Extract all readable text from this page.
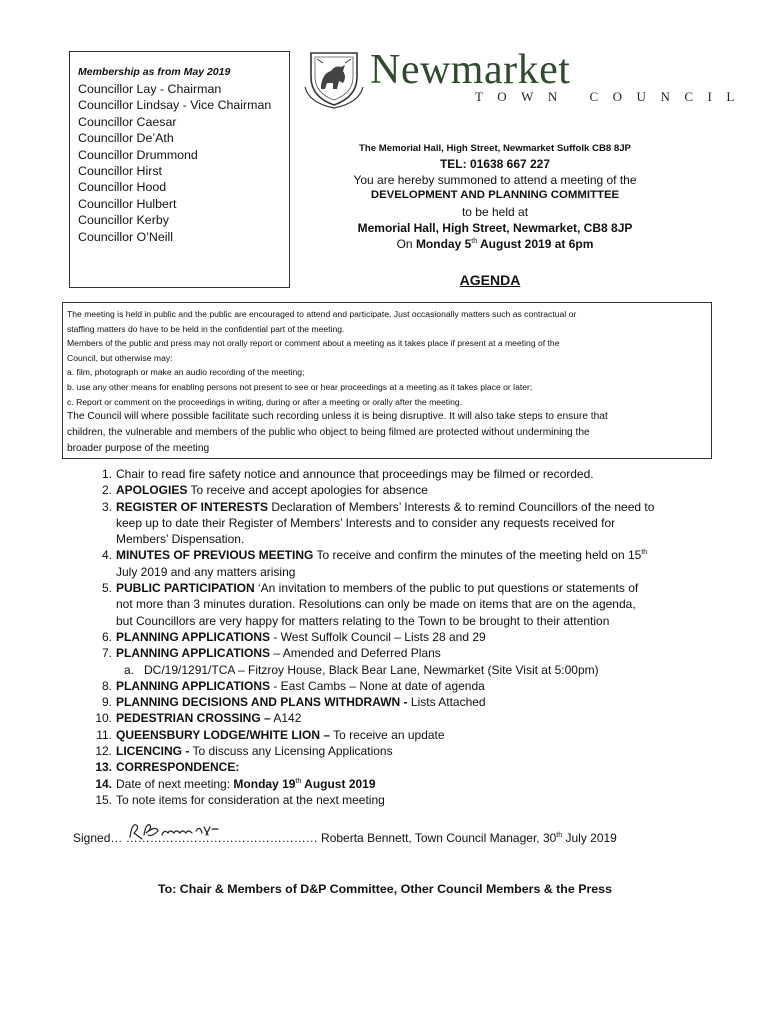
Membership as from May 2019
Councillor Lay - Chairman
Councillor Lindsay - Vice Chairman
Councillor Caesar
Councillor De’Ath
Councillor Drummond
Councillor Hirst
Councillor Hood
Councillor Hulbert
Councillor Kerby
Councillor O’Neill
Newmarket
TOWN COUNCIL
The Memorial Hall, High Street, Newmarket Suffolk CB8 8JP
TEL: 01638 667 227
You are hereby summoned to attend a meeting of the
DEVELOPMENT AND PLANNING COMMITTEE
to be held at
Memorial Hall, High Street, Newmarket, CB8 8JP
On Monday 5th August 2019 at 6pm
AGENDA
The meeting is held in public and the public are encouraged to attend and participate. Just occasionally matters such as contractual or
staffing matters do have to be held in the confidential part of the meeting.
Members of the public and press may not orally report or comment about a meeting as it takes place if present at a meeting of the
Council, but otherwise may:
a. film, photograph or make an audio recording of the meeting;
b. use any other means for enabling persons not present to see or hear proceedings at a meeting as it takes place or later;
c. Report or comment on the proceedings in writing, during or after a meeting or orally after the meeting.
The Council will where possible facilitate such recording unless it is being disruptive. It will also take steps to ensure that
children, the vulnerable and members of the public who object to being filmed are protected without undermining the
broader purpose of the meeting
1. Chair to read fire safety notice and announce that proceedings may be filmed or recorded.
2. APOLOGIES To receive and accept apologies for absence
3. REGISTER OF INTERESTS Declaration of Members’ Interests & to remind Councillors of the need to
keep up to date their Register of Members’ Interests and to consider any requests received for
Members’ Dispensation.
4. MINUTES OF PREVIOUS MEETING To receive and confirm the minutes of the meeting held on 15th
July 2019 and any matters arising
5. PUBLIC PARTICIPATION ‘An invitation to members of the public to put questions or statements of
not more than 3 minutes duration. Resolutions can only be made on items that are on the agenda,
but Councillors are very happy for matters relating to the Town to be brought to their attention
6. PLANNING APPLICATIONS - West Suffolk Council – Lists 28 and 29
7. PLANNING APPLICATIONS – Amended and Deferred Plans
a. DC/19/1291/TCA – Fitzroy House, Black Bear Lane, Newmarket (Site Visit at 5:00pm)
8. PLANNING APPLICATIONS - East Cambs – None at date of agenda
9. PLANNING DECISIONS AND PLANS WITHDRAWN - Lists Attached
10. PEDESTRIAN CROSSING – A142
11. QUEENSBURY LODGE/WHITE LION – To receive an update
12. LICENCING - To discuss any Licensing Applications
13. CORRESPONDENCE:
14. Date of next meeting: Monday 19th August 2019
15. To note items for consideration at the next meeting
Signed… ………………………………………… Roberta Bennett, Town Council Manager, 30th July 2019
To: Chair & Members of D&P Committee, Other Council Members & the Press
